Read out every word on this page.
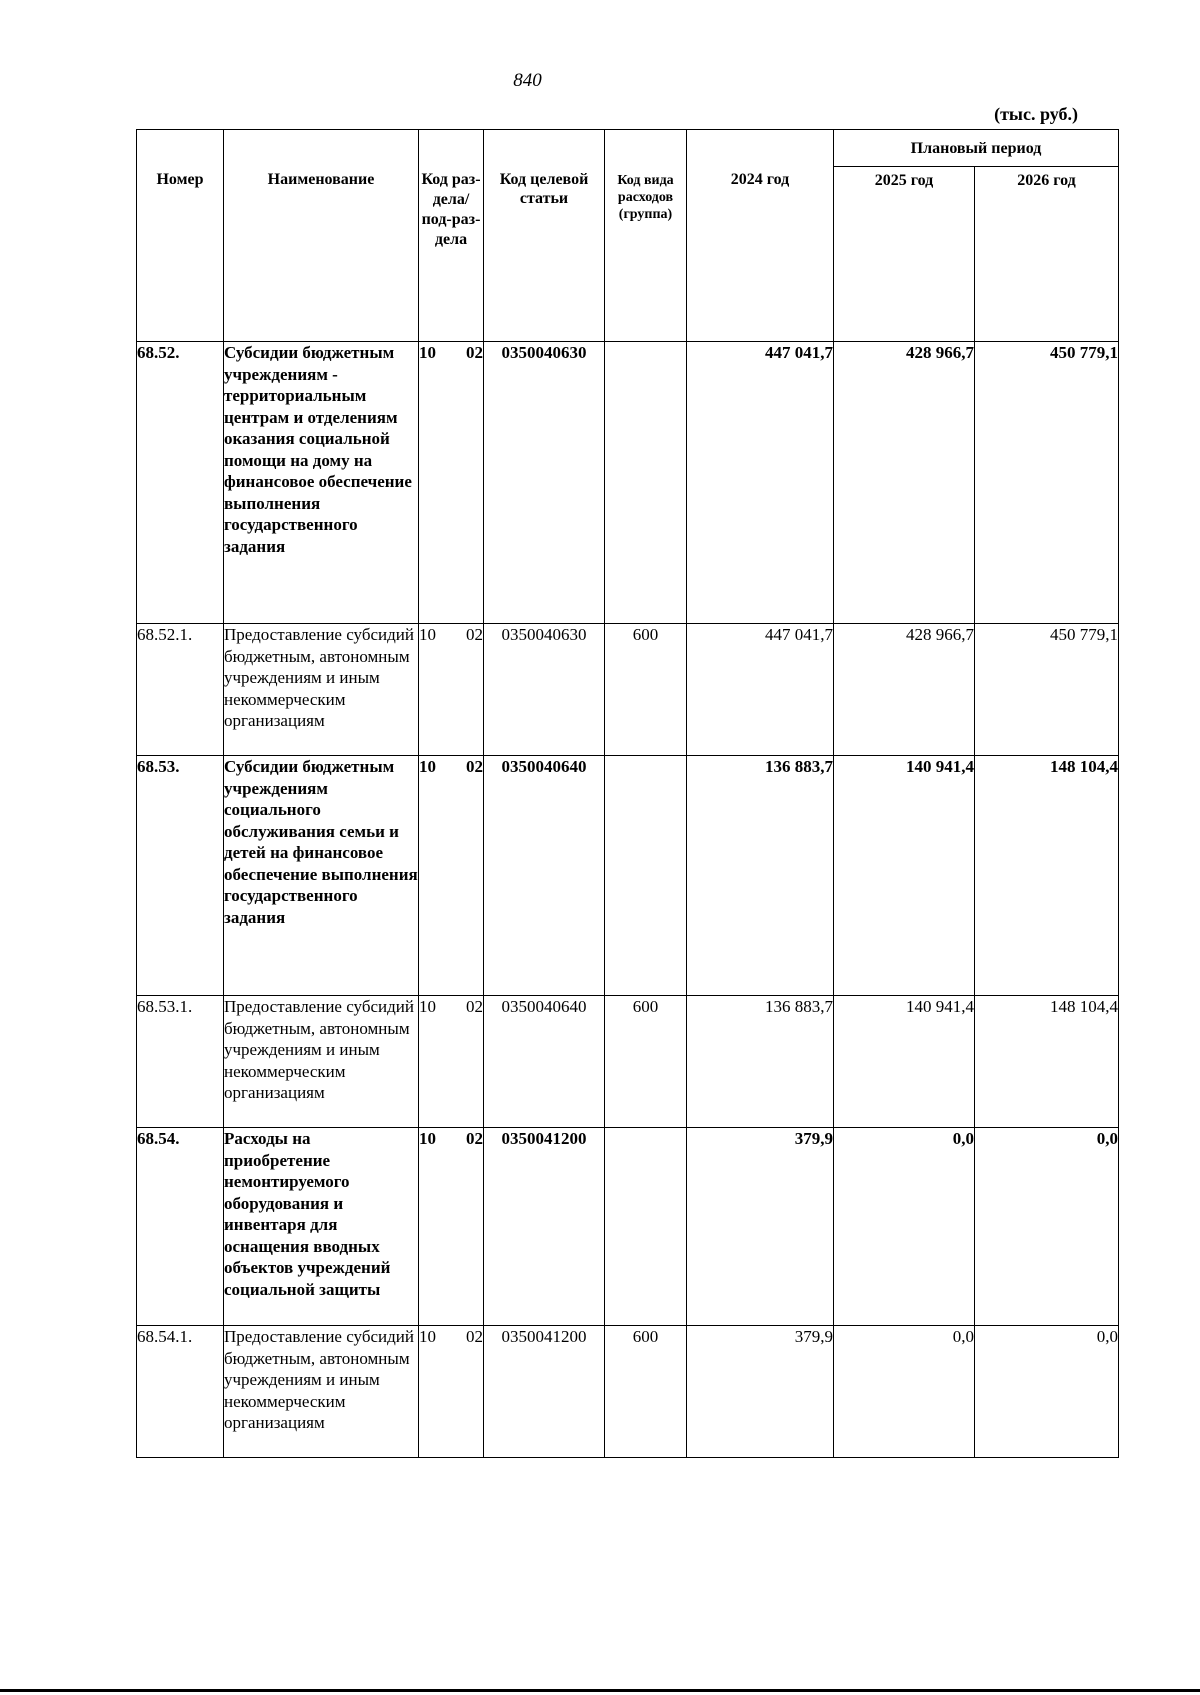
840
(тыс. руб.)
Номер	Наименование	Код раз-дела/ под-раз-дела	Код целевой статьи	Код вида расходов (группа)	2024 год	Плановый период	
						2025 год	2026 год
68.52.	Субсидии бюджетным учреждениям - территориальным центрам и отделениям оказания социальной помощи на дому на финансовое обеспечение выполнения государственного задания	10 02	0350040630		447 041,7	428 966,7	450 779,1
68.52.1.	Предоставление субсидий бюджетным, автономным учреждениям и иным некоммерческим организациям	10 02	0350040630	600	447 041,7	428 966,7	450 779,1
68.53.	Субсидии бюджетным учреждениям социального обслуживания семьи и детей на финансовое обеспечение выполнения государственного задания	10 02	0350040640		136 883,7	140 941,4	148 104,4
68.53.1.	Предоставление субсидий бюджетным, автономным учреждениям и иным некоммерческим организациям	10 02	0350040640	600	136 883,7	140 941,4	148 104,4
68.54.	Расходы на приобретение немонтируемого оборудования и инвентаря для оснащения вводных объектов учреждений социальной защиты	10 02	0350041200		379,9	0,0	0,0
68.54.1.	Предоставление субсидий бюджетным, автономным учреждениям и иным некоммерческим организациям	10 02	0350041200	600	379,9	0,0	0,0
